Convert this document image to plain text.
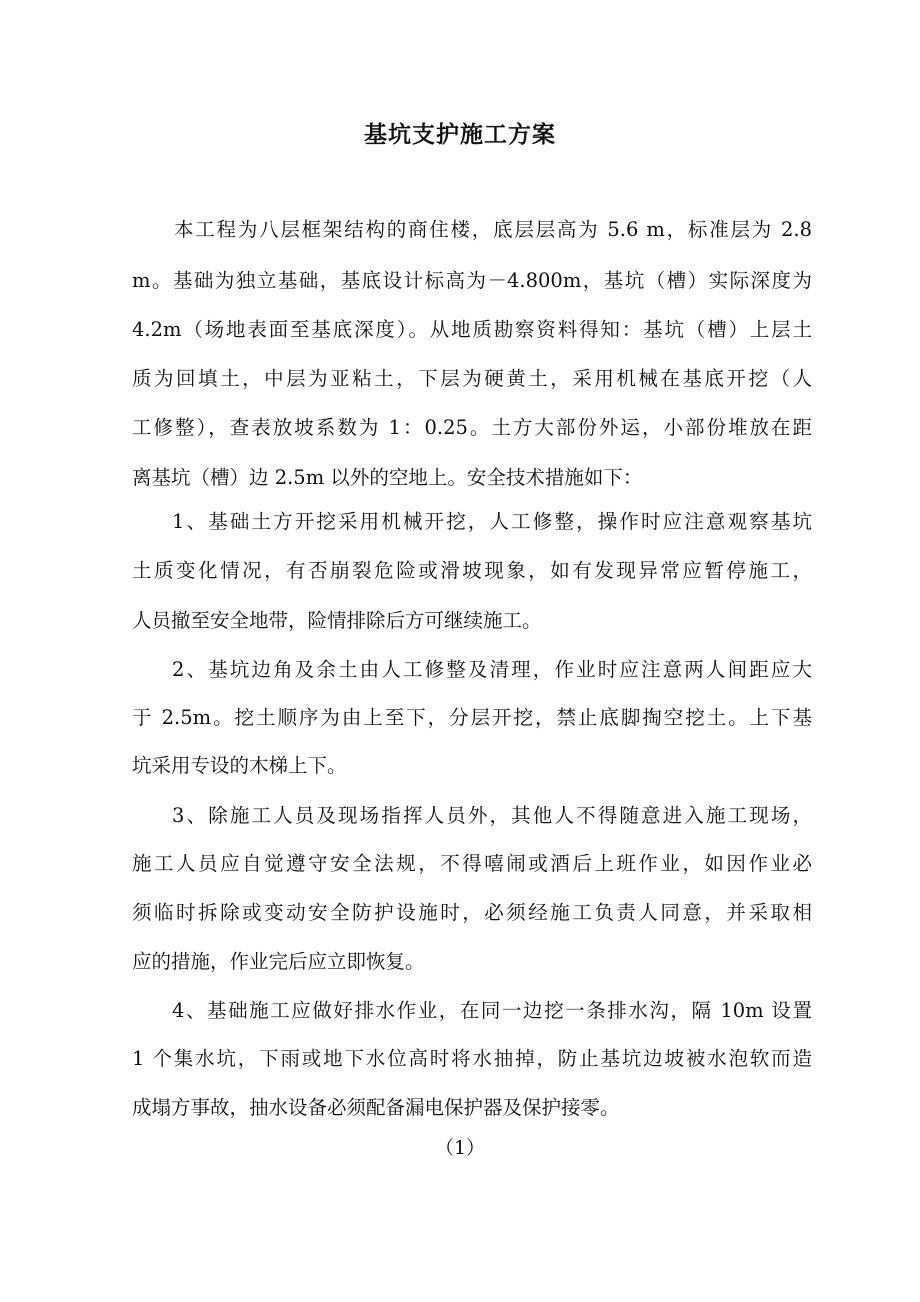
基坑支护施工方案
本工程为八层框架结构的商住楼，底层层高为 5.6 m，标准层为 2.8
m。基础为独立基础，基底设计标高为－4.800m，基坑（槽）实际深度为
4.2m（场地表面至基底深度）。从地质勘察资料得知：基坑（槽）上层土
质为回填土，中层为亚粘土，下层为硬黄土，采用机械在基底开挖（人
工修整），查表放坡系数为 1：0.25。土方大部份外运，小部份堆放在距
离基坑（槽）边 2.5m 以外的空地上。安全技术措施如下：
1、基础土方开挖采用机械开挖，人工修整，操作时应注意观察基坑
土质变化情况，有否崩裂危险或滑坡现象，如有发现异常应暂停施工，
人员撤至安全地带，险情排除后方可继续施工。
2、基坑边角及余土由人工修整及清理，作业时应注意两人间距应大
于 2.5m。挖土顺序为由上至下，分层开挖，禁止底脚掏空挖土。上下基
坑采用专设的木梯上下。
3、除施工人员及现场指挥人员外，其他人不得随意进入施工现场，
施工人员应自觉遵守安全法规，不得嘻闹或酒后上班作业，如因作业必
须临时拆除或变动安全防护设施时，必须经施工负责人同意，并采取相
应的措施，作业完后应立即恢复。
4、基础施工应做好排水作业，在同一边挖一条排水沟，隔 10m 设置
1 个集水坑，下雨或地下水位高时将水抽掉，防止基坑边坡被水泡软而造
成塌方事故，抽水设备必须配备漏电保护器及保护接零。
（1）
